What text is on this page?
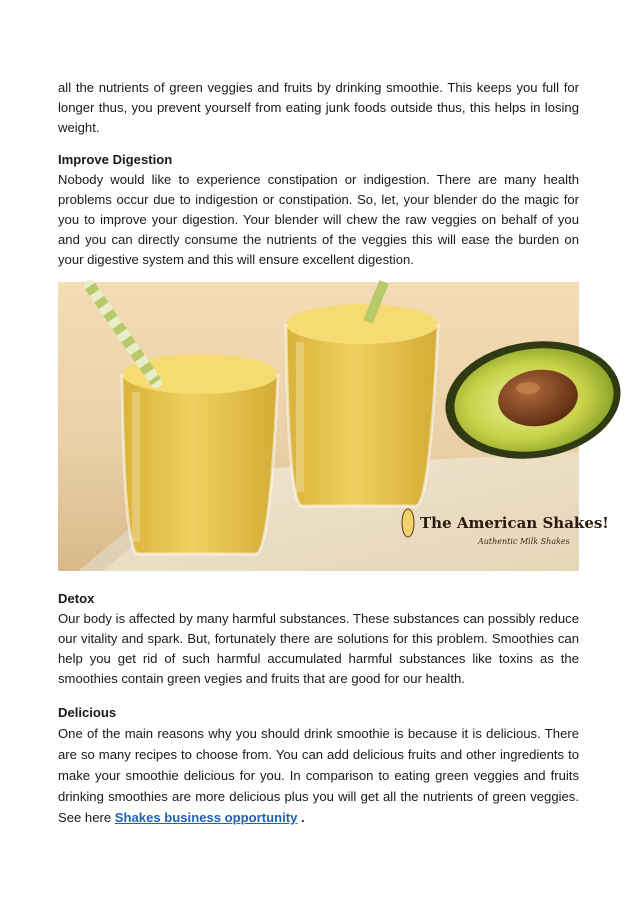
all the nutrients of green veggies and fruits by drinking smoothie. This keeps you full for longer thus, you prevent yourself from eating junk foods outside thus, this helps in losing weight.

Improve Digestion

Nobody would like to experience constipation or indigestion. There are many health problems occur due to indigestion or constipation. So, let, your blender do the magic for you to improve your digestion. Your blender will chew the raw veggies on behalf of you and you can directly consume the nutrients of the veggies this will ease the burden on your digestive system and this will ensure excellent digestion.

The American Shakes!
Authentic Milk Shakes
Detox

Our body is affected by many harmful substances. These substances can possibly reduce our vitality and spark. But, fortunately there are solutions for this problem. Smoothies can help you get rid of such harmful accumulated harmful substances like toxins as the smoothies contain green vegies and fruits that are good for our health.

Delicious

One of the main reasons why you should drink smoothie is because it is delicious. There are so many recipes to choose from. You can add delicious fruits and other ingredients to make your smoothie delicious for you. In comparison to eating green veggies and fruits drinking smoothies are more delicious plus you will get all the nutrients of green veggies. See here Shakes business opportunity .
